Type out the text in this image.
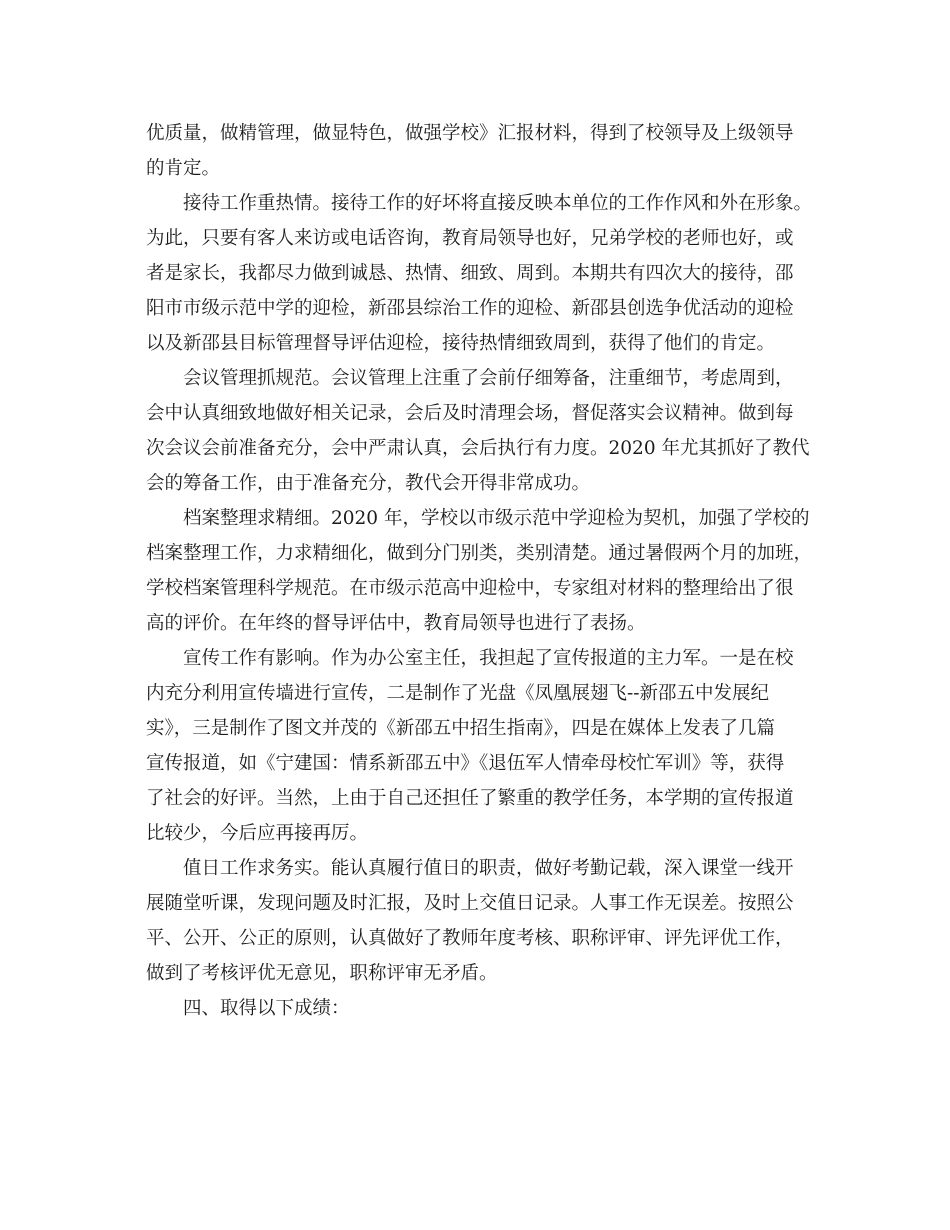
优质量，做精管理，做显特色，做强学校》汇报材料，得到了校领导及上级领导

的肯定。

接待工作重热情。接待工作的好坏将直接反映本单位的工作作风和外在形象。

为此，只要有客人来访或电话咨询，教育局领导也好，兄弟学校的老师也好，或

者是家长，我都尽力做到诚恳、热情、细致、周到。本期共有四次大的接待，邵

阳市市级示范中学的迎检，新邵县综治工作的迎检、新邵县创选争优活动的迎检

以及新邵县目标管理督导评估迎检，接待热情细致周到，获得了他们的肯定。

会议管理抓规范。会议管理上注重了会前仔细筹备，注重细节，考虑周到，

会中认真细致地做好相关记录，会后及时清理会场，督促落实会议精神。做到每

次会议会前准备充分，会中严肃认真，会后执行有力度。2020 年尤其抓好了教代

会的筹备工作，由于准备充分，教代会开得非常成功。

档案整理求精细。2020 年，学校以市级示范中学迎检为契机，加强了学校的

档案整理工作，力求精细化，做到分门别类，类别清楚。通过暑假两个月的加班，

学校档案管理科学规范。在市级示范高中迎检中，专家组对材料的整理给出了很

高的评价。在年终的督导评估中，教育局领导也进行了表扬。

宣传工作有影响。作为办公室主任，我担起了宣传报道的主力军。一是在校

内充分利用宣传墙进行宣传，二是制作了光盘《凤凰展翅飞--新邵五中发展纪

实》，三是制作了图文并茂的《新邵五中招生指南》，四是在媒体上发表了几篇

宣传报道，如《宁建国：情系新邵五中》《退伍军人情牵母校忙军训》等，获得

了社会的好评。当然，上由于自己还担任了繁重的教学任务，本学期的宣传报道

比较少，今后应再接再厉。

值日工作求务实。能认真履行值日的职责，做好考勤记载，深入课堂一线开

展随堂听课，发现问题及时汇报，及时上交值日记录。人事工作无误差。按照公

平、公开、公正的原则，认真做好了教师年度考核、职称评审、评先评优工作，

做到了考核评优无意见，职称评审无矛盾。

四、取得以下成绩：
